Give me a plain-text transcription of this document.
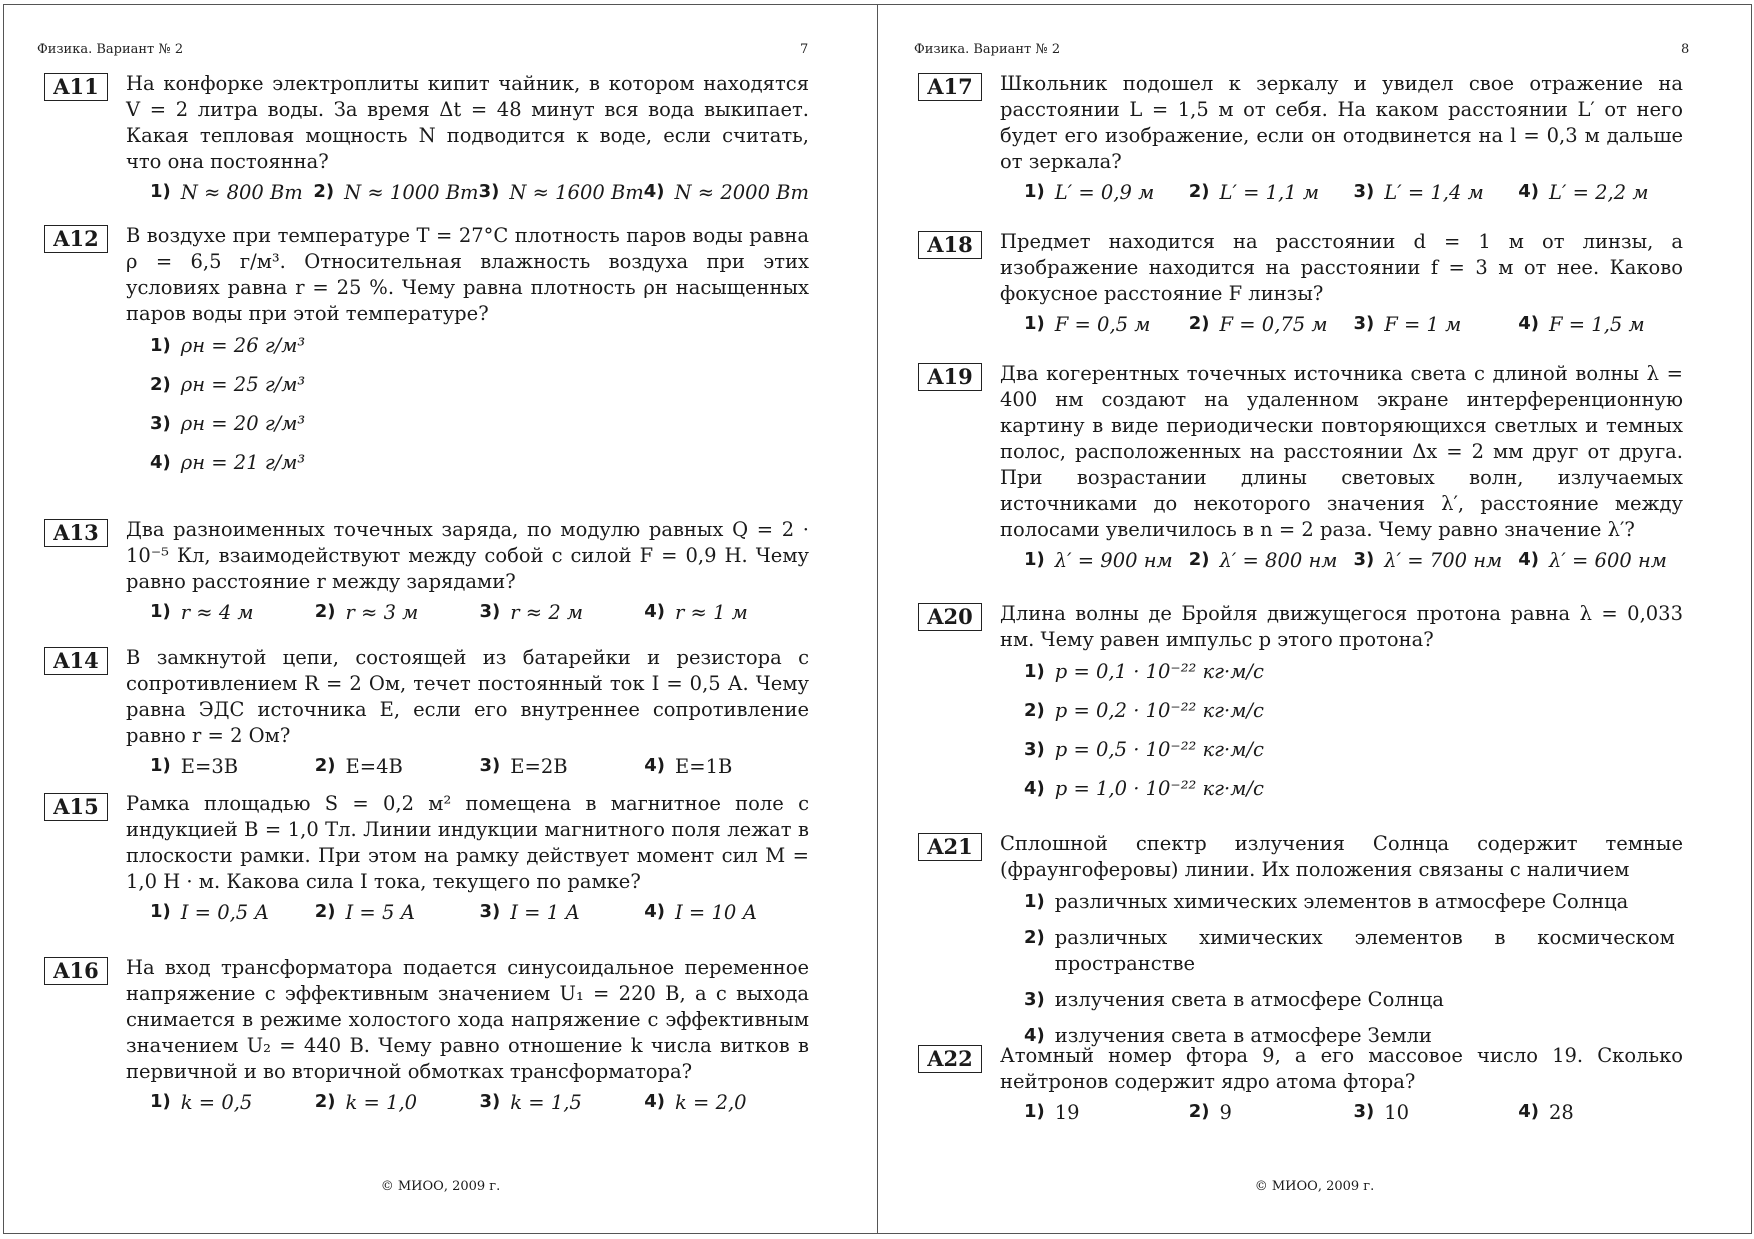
Физика. Вариант № 2	7
A11	На конфорке электроплиты кипит чайник, в котором находятся V = 2 литра воды. За время Δt = 48 минут вся вода выкипает. Какая тепловая мощность N подводится к воде, если считать, что она постоянна?
1) N ≈ 800 Вт 2) N ≈ 1000 Вт 3) N ≈ 1600 Вт 4) N ≈ 2000 Вт
A12	В воздухе при температуре T = 27°C плотность паров воды равна ρ = 6,5 г/м³. Относительная влажность воздуха при этих условиях равна r = 25 %. Чему равна плотность ρн насыщенных паров воды при этой температуре?
1) ρн = 26 г/м³
2) ρн = 25 г/м³
3) ρн = 20 г/м³
4) ρн = 21 г/м³
A13	Два разноименных точечных заряда, по модулю равных Q = 2 · 10⁻⁵ Кл, взаимодействуют между собой с силой F = 0,9 Н. Чему равно расстояние r между зарядами?
1) r ≈ 4 м	2) r ≈ 3 м	3) r ≈ 2 м	4) r ≈ 1 м
A14	В замкнутой цепи, состоящей из батарейки и резистора с сопротивлением R = 2 Ом, течет постоянный ток I = 0,5 А. Чему равна ЭДС источника E, если его внутреннее сопротивление равно r = 2 Ом?
1) E=3В	2) E=4В	3) E=2В	4) E=1В
A15	Рамка площадью S = 0,2 м² помещена в магнитное поле с индукцией B = 1,0 Тл. Линии индукции магнитного поля лежат в плоскости рамки. При этом на рамку действует момент сил M = 1,0 Н · м. Какова сила I тока, текущего по рамке?
1) I = 0,5 А	2) I = 5 А	3) I = 1 А	4) I = 10 А
A16	На вход трансформатора подается синусоидальное переменное напряжение с эффективным значением U₁ = 220 В, а с выхода снимается в режиме холостого хода напряжение с эффективным значением U₂ = 440 В. Чему равно отношение k числа витков в первичной и во вторичной обмотках трансформатора?
1) k = 0,5	2) k = 1,0	3) k = 1,5	4) k = 2,0
© МИОО, 2009 г.
Физика. Вариант № 2	8
A17	Школьник подошел к зеркалу и увидел свое отражение на расстоянии L = 1,5 м от себя. На каком расстоянии L′ от него будет его изображение, если он отодвинется на l = 0,3 м дальше от зеркала?
1) L′ = 0,9 м	2) L′ = 1,1 м	3) L′ = 1,4 м	4) L′ = 2,2 м
A18	Предмет находится на расстоянии d = 1 м от линзы, а изображение находится на расстоянии f = 3 м от нее. Каково фокусное расстояние F линзы?
1) F = 0,5 м	2) F = 0,75 м	3) F = 1 м	4) F = 1,5 м
A19	Два когерентных точечных источника света с длиной волны λ = 400 нм создают на удаленном экране интерференционную картину в виде периодически повторяющихся светлых и темных полос, расположенных на расстоянии Δx = 2 мм друг от друга. При возрастании длины световых волн, излучаемых источниками до некоторого значения λ′, расстояние между полосами увеличилось в n = 2 раза. Чему равно значение λ′?
1) λ′ = 900 нм 2) λ′ = 800 нм 3) λ′ = 700 нм 4) λ′ = 600 нм
A20	Длина волны де Бройля движущегося протона равна λ = 0,033 нм. Чему равен импульс p этого протона?
1) p = 0,1 · 10⁻²² кг·м/с
2) p = 0,2 · 10⁻²² кг·м/с
3) p = 0,5 · 10⁻²² кг·м/с
4) p = 1,0 · 10⁻²² кг·м/с
A21	Сплошной спектр излучения Солнца содержит темные (фраунгоферовы) линии. Их положения связаны с наличием
1) различных химических элементов в атмосфере Солнца
2) различных химических элементов в космическом пространстве
3) излучения света в атмосфере Солнца
4) излучения света в атмосфере Земли
A22	Атомный номер фтора 9, а его массовое число 19. Сколько нейтронов содержит ядро атома фтора?
1) 19	2) 9	3) 10	4) 28
© МИОО, 2009 г.
